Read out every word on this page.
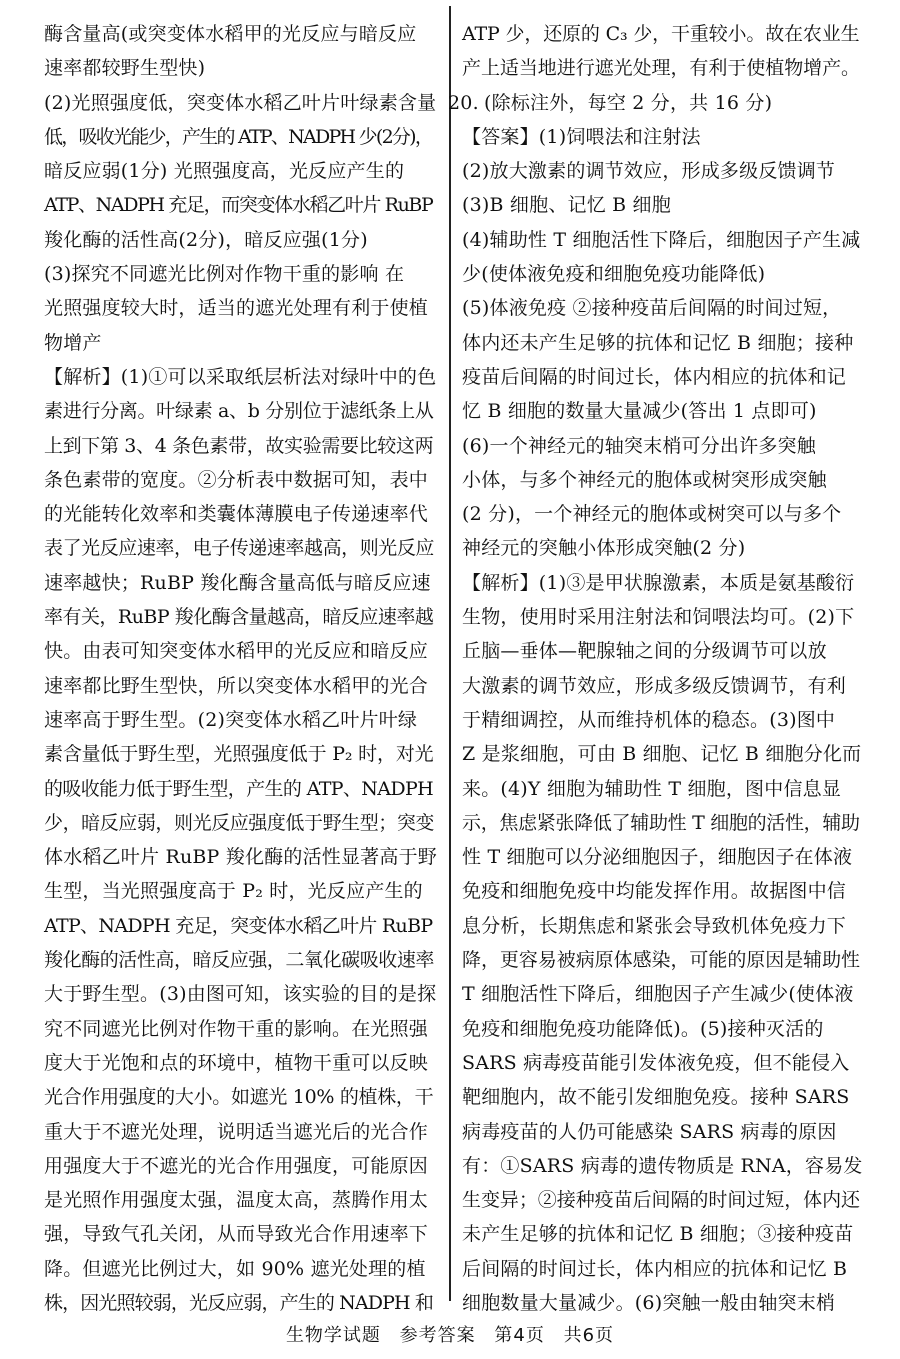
酶含量高(或突变体水稻甲的光反应与暗反应
速率都较野生型快)
(2)光照强度低，突变体水稻乙叶片叶绿素含量
低，吸收光能少，产生的 ATP、NADPH 少(2分)，
暗反应弱(1分) 光照强度高，光反应产生的
ATP、NADPH 充足，而突变体水稻乙叶片 RuBP
羧化酶的活性高(2分)，暗反应强(1分)
(3)探究不同遮光比例对作物干重的影响 在
光照强度较大时，适当的遮光处理有利于使植
物增产
【解析】(1)①可以采取纸层析法对绿叶中的色
素进行分离。叶绿素 a、b 分别位于滤纸条上从
上到下第 3、4 条色素带，故实验需要比较这两
条色素带的宽度。②分析表中数据可知，表中
的光能转化效率和类囊体薄膜电子传递速率代
表了光反应速率，电子传递速率越高，则光反应
速率越快；RuBP 羧化酶含量高低与暗反应速
率有关，RuBP 羧化酶含量越高，暗反应速率越
快。由表可知突变体水稻甲的光反应和暗反应
速率都比野生型快，所以突变体水稻甲的光合
速率高于野生型。(2)突变体水稻乙叶片叶绿
素含量低于野生型，光照强度低于 P₂ 时，对光
的吸收能力低于野生型，产生的 ATP、NADPH
少，暗反应弱，则光反应强度低于野生型；突变
体水稻乙叶片 RuBP 羧化酶的活性显著高于野
生型，当光照强度高于 P₂ 时，光反应产生的
ATP、NADPH 充足，突变体水稻乙叶片 RuBP
羧化酶的活性高，暗反应强，二氧化碳吸收速率
大于野生型。(3)由图可知，该实验的目的是探
究不同遮光比例对作物干重的影响。在光照强
度大于光饱和点的环境中，植物干重可以反映
光合作用强度的大小。如遮光 10% 的植株，干
重大于不遮光处理，说明适当遮光后的光合作
用强度大于不遮光的光合作用强度，可能原因
是光照作用强度太强，温度太高，蒸腾作用太
强，导致气孔关闭，从而导致光合作用速率下
降。但遮光比例过大，如 90% 遮光处理的植
株，因光照较弱，光反应弱，产生的 NADPH 和
ATP 少，还原的 C₃ 少，干重较小。故在农业生
产上适当地进行遮光处理，有利于使植物增产。
20. (除标注外，每空 2 分，共 16 分)
【答案】(1)饲喂法和注射法
(2)放大激素的调节效应，形成多级反馈调节
(3)B 细胞、记忆 B 细胞
(4)辅助性 T 细胞活性下降后，细胞因子产生减
少(使体液免疫和细胞免疫功能降低)
(5)体液免疫 ②接种疫苗后间隔的时间过短，
体内还未产生足够的抗体和记忆 B 细胞；接种
疫苗后间隔的时间过长，体内相应的抗体和记
忆 B 细胞的数量大量减少(答出 1 点即可)
(6)一个神经元的轴突末梢可分出许多突触
小体，与多个神经元的胞体或树突形成突触
(2 分)，一个神经元的胞体或树突可以与多个
神经元的突触小体形成突触(2 分)
【解析】(1)③是甲状腺激素，本质是氨基酸衍
生物，使用时采用注射法和饲喂法均可。(2)下
丘脑—垂体—靶腺轴之间的分级调节可以放
大激素的调节效应，形成多级反馈调节，有利
于精细调控，从而维持机体的稳态。(3)图中
Z 是浆细胞，可由 B 细胞、记忆 B 细胞分化而
来。(4)Y 细胞为辅助性 T 细胞，图中信息显
示，焦虑紧张降低了辅助性 T 细胞的活性，辅助
性 T 细胞可以分泌细胞因子，细胞因子在体液
免疫和细胞免疫中均能发挥作用。故据图中信
息分析，长期焦虑和紧张会导致机体免疫力下
降，更容易被病原体感染，可能的原因是辅助性
T 细胞活性下降后，细胞因子产生减少(使体液
免疫和细胞免疫功能降低)。(5)接种灭活的
SARS 病毒疫苗能引发体液免疫，但不能侵入
靶细胞内，故不能引发细胞免疫。接种 SARS
病毒疫苗的人仍可能感染 SARS 病毒的原因
有：①SARS 病毒的遗传物质是 RNA，容易发
生变异；②接种疫苗后间隔的时间过短，体内还
未产生足够的抗体和记忆 B 细胞；③接种疫苗
后间隔的时间过长，体内相应的抗体和记忆 B
细胞数量大量减少。(6)突触一般由轴突末梢
生物学试题 参考答案 第4页 共6页
